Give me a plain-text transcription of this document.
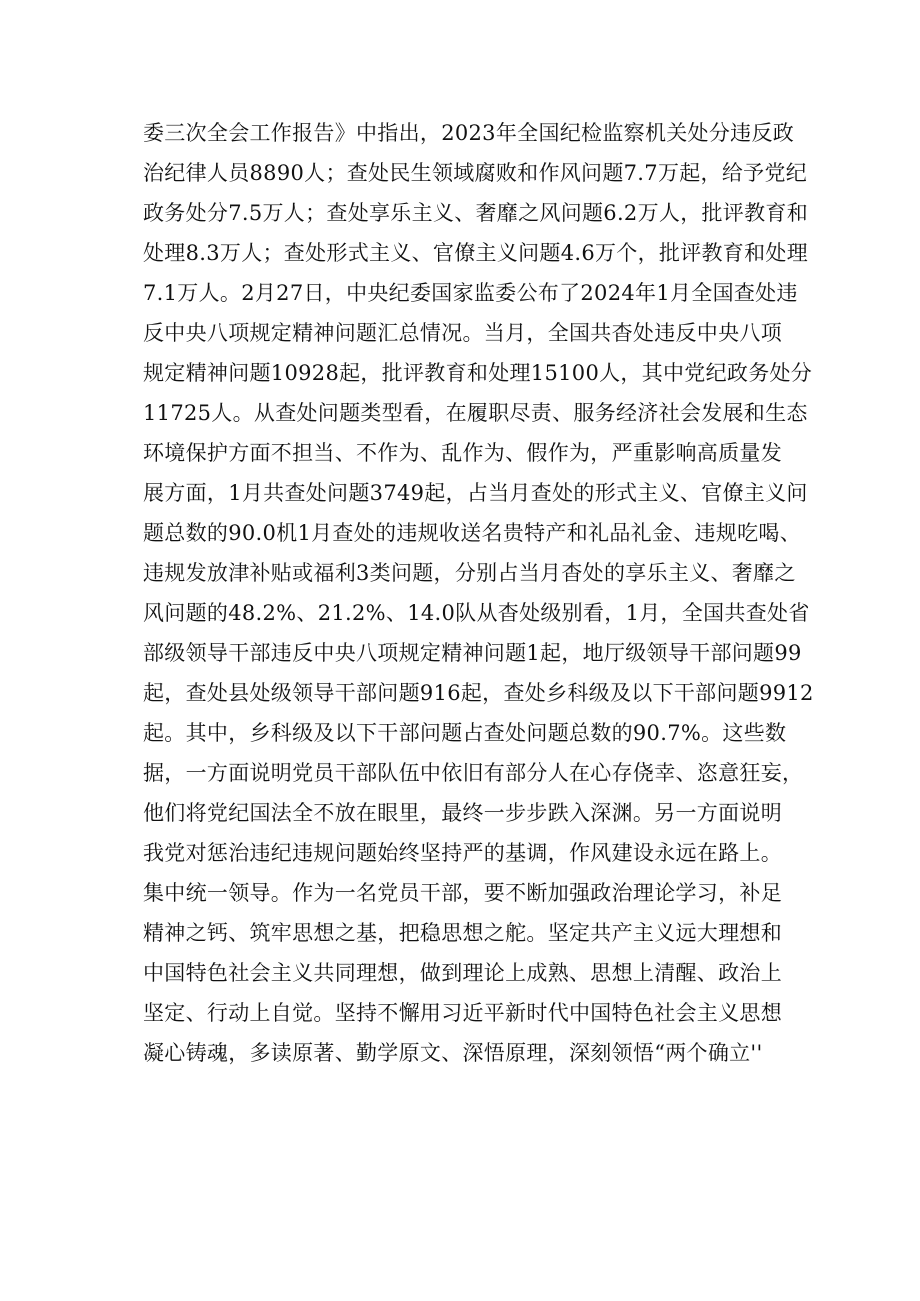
委三次全会工作报告》中指出，2023年全国纪检监察机关处分违反政
治纪律人员8890人；查处民生领域腐败和作风问题7.7万起，给予党纪
政务处分7.5万人；查处享乐主义、奢靡之风问题6.2万人，批评教育和
处理8.3万人；查处形式主义、官僚主义问题4.6万个，批评教育和处理
7.1万人。2月27日，中央纪委国家监委公布了2024年1月全国查处违
反中央八项规定精神问题汇总情况。当月，全国共杳处违反中央八项
规定精神问题10928起，批评教育和处理15100人，其中党纪政务处分
11725人。从查处问题类型看，在履职尽责、服务经济社会发展和生态
环境保护方面不担当、不作为、乱作为、假作为，严重影响高质量发
展方面，1月共查处问题3749起，占当月查处的形式主义、官僚主义问
题总数的90.0机1月查处的违规收送名贵特产和礼品礼金、违规吃喝、
违规发放津补贴或福利3类问题，分别占当月杳处的享乐主义、奢靡之
风问题的48.2%、21.2%、14.0队从杳处级别看，1月，全国共查处省
部级领导干部违反中央八项规定精神问题1起，地厅级领导干部问题99
起，查处县处级领导干部问题916起，查处乡科级及以下干部问题9912
起。其中，乡科级及以下干部问题占查处问题总数的90.7%。这些数
据，一方面说明党员干部队伍中依旧有部分人在心存侥幸、恣意狂妄，
他们将党纪国法全不放在眼里，最终一步步跌入深渊。另一方面说明
我党对惩治违纪违规问题始终坚持严的基调，作风建设永远在路上。
集中统一领导。作为一名党员干部，要不断加强政治理论学习，补足
精神之钙、筑牢思想之基，把稳思想之舵。坚定共产主义远大理想和
中国特色社会主义共同理想，做到理论上成熟、思想上清醒、政治上
坚定、行动上自觉。坚持不懈用习近平新时代中国特色社会主义思想
凝心铸魂，多读原著、勤学原文、深悟原理，深刻领悟“两个确立''
